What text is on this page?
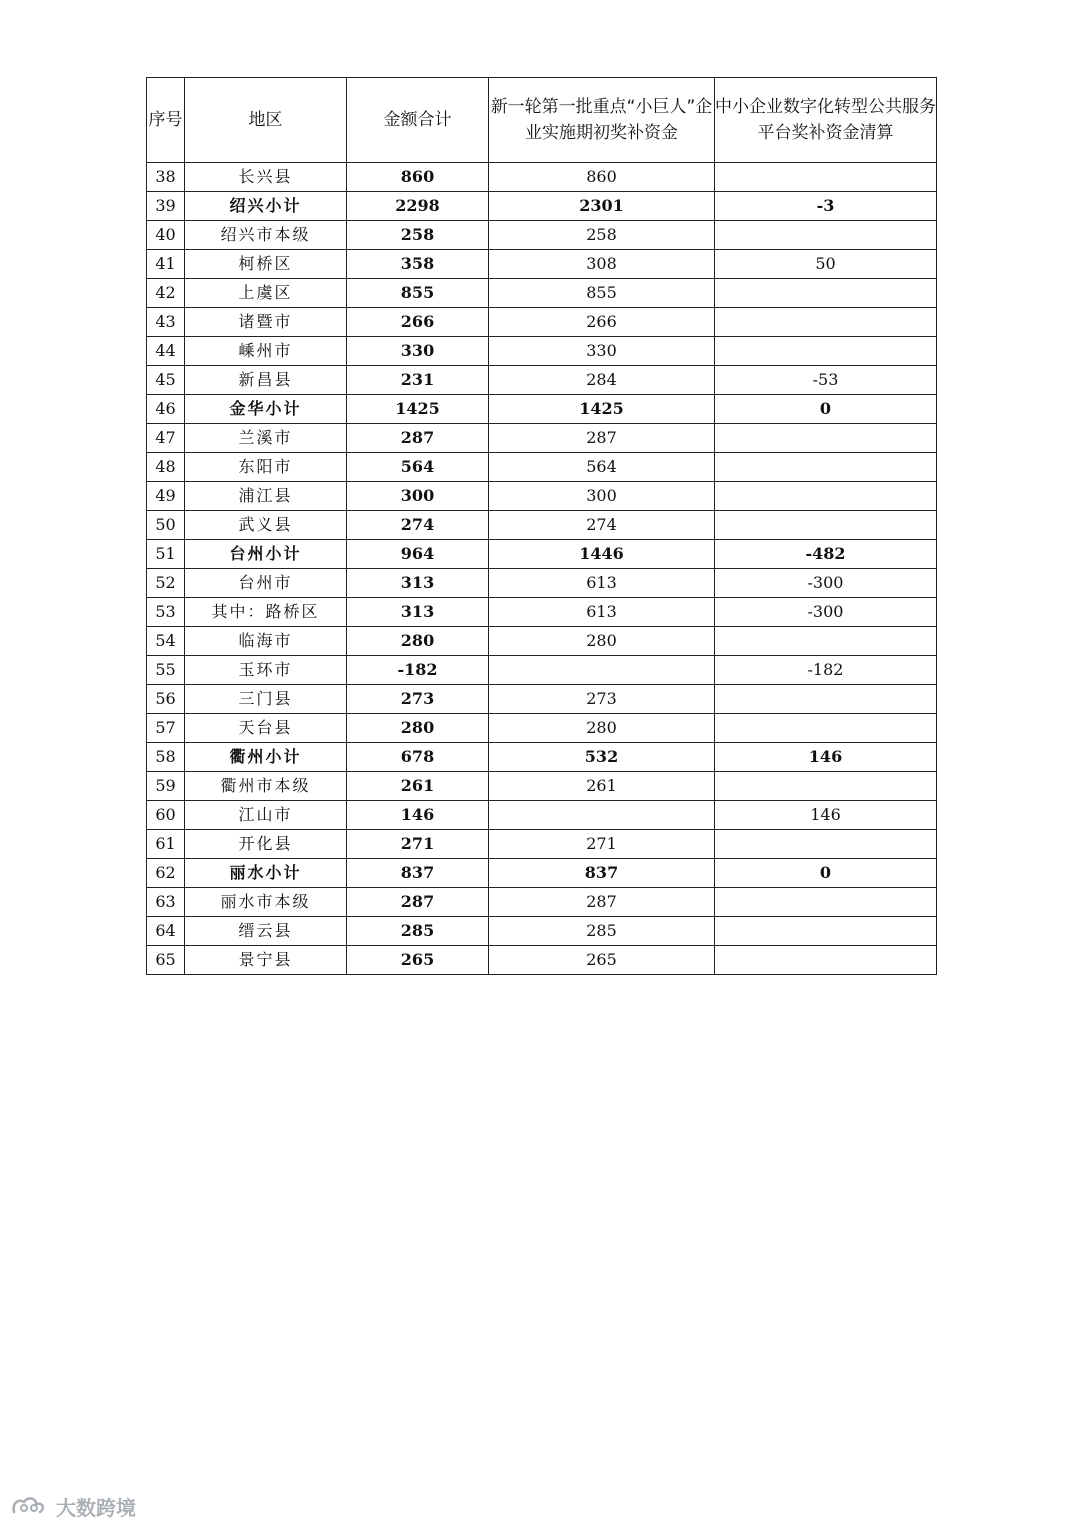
序号	地区	金额合计	新一轮第一批重点“小巨人”企业实施期初奖补资金	中小企业数字化转型公共服务平台奖补资金清算
38	长兴县	860	860	
39	绍兴小计	2298	2301	-3
40	绍兴市本级	258	258	
41	柯桥区	358	308	50
42	上虞区	855	855	
43	诸暨市	266	266	
44	嵊州市	330	330	
45	新昌县	231	284	-53
46	金华小计	1425	1425	0
47	兰溪市	287	287	
48	东阳市	564	564	
49	浦江县	300	300	
50	武义县	274	274	
51	台州小计	964	1446	-482
52	台州市	313	613	-300
53	其中：路桥区	313	613	-300
54	临海市	280	280	
55	玉环市	-182		-182
56	三门县	273	273	
57	天台县	280	280	
58	衢州小计	678	532	146
59	衢州市本级	261	261	
60	江山市	146		146
61	开化县	271	271	
62	丽水小计	837	837	0
63	丽水市本级	287	287	
64	缙云县	285	285	
65	景宁县	265	265	
大数跨境
